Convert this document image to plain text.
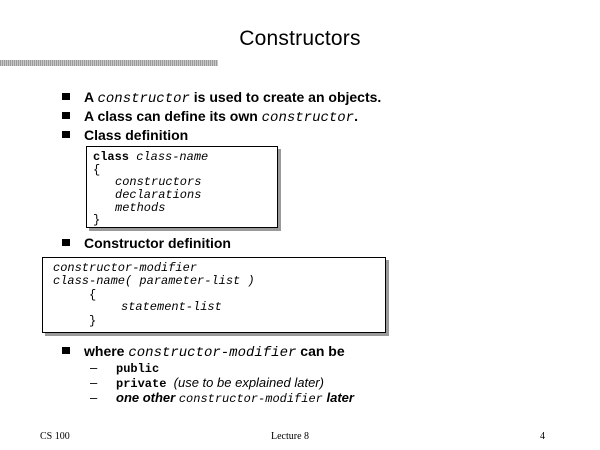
Constructors
A constructor is used to create an objects.
A class can define its own constructor.
Class definition
class class-name
{
constructors
declarations
methods
}
Constructor definition
constructor-modifier
class-name( parameter-list )
{
statement-list
}
where constructor-modifier can be
– public
– private (use to be explained later)
– one other constructor-modifier later
CS 100	Lecture 8	4
